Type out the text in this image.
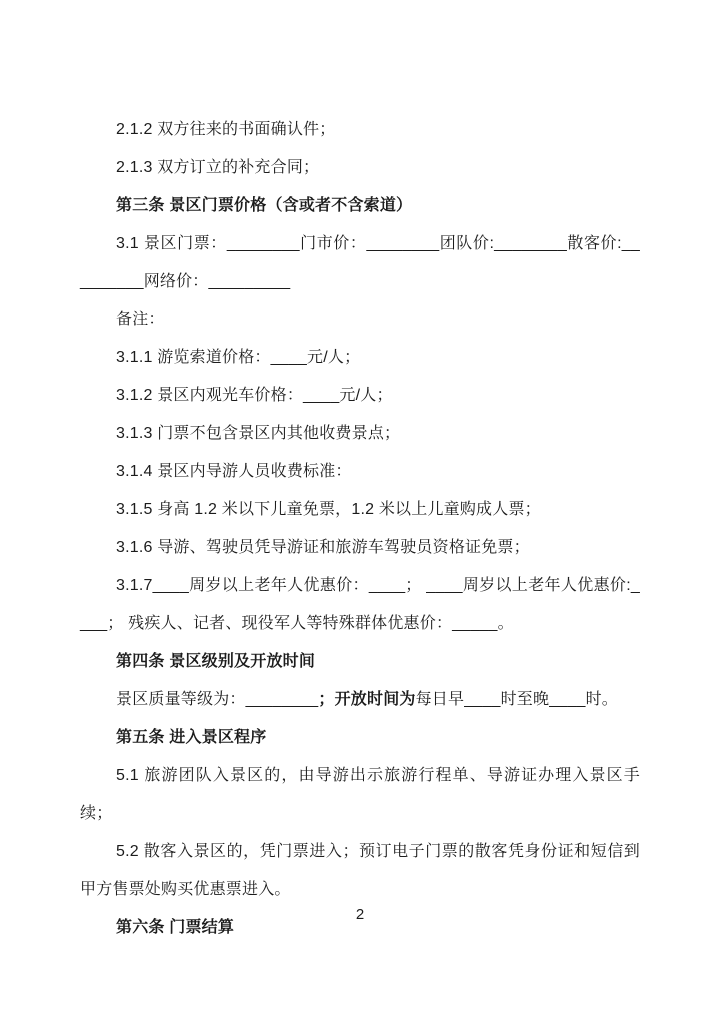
2.1.2 双方往来的书面确认件；

2.1.3 双方订立的补充合同；

第三条 景区门票价格（含或者不含索道）

3.1 景区门票：________门市价：________团队价:________散客价:_________网络价：_________

备注：

3.1.1 游览索道价格：____元/人；

3.1.2 景区内观光车价格：____元/人；

3.1.3 门票不包含景区内其他收费景点；

3.1.4 景区内导游人员收费标准：

3.1.5 身高 1.2 米以下儿童免票，1.2 米以上儿童购成人票；

3.1.6 导游、驾驶员凭导游证和旅游车驾驶员资格证免票；

3.1.7____周岁以上老年人优惠价：____； ____周岁以上老年人优惠价:____； 残疾人、记者、现役军人等特殊群体优惠价：_____。

第四条 景区级别及开放时间

景区质量等级为：________；开放时间为每日早____时至晚____时。

第五条 进入景区程序

5.1 旅游团队入景区的，由导游出示旅游行程单、导游证办理入景区手续；

5.2 散客入景区的，凭门票进入；预订电子门票的散客凭身份证和短信到甲方售票处购买优惠票进入。

第六条 门票结算

2
